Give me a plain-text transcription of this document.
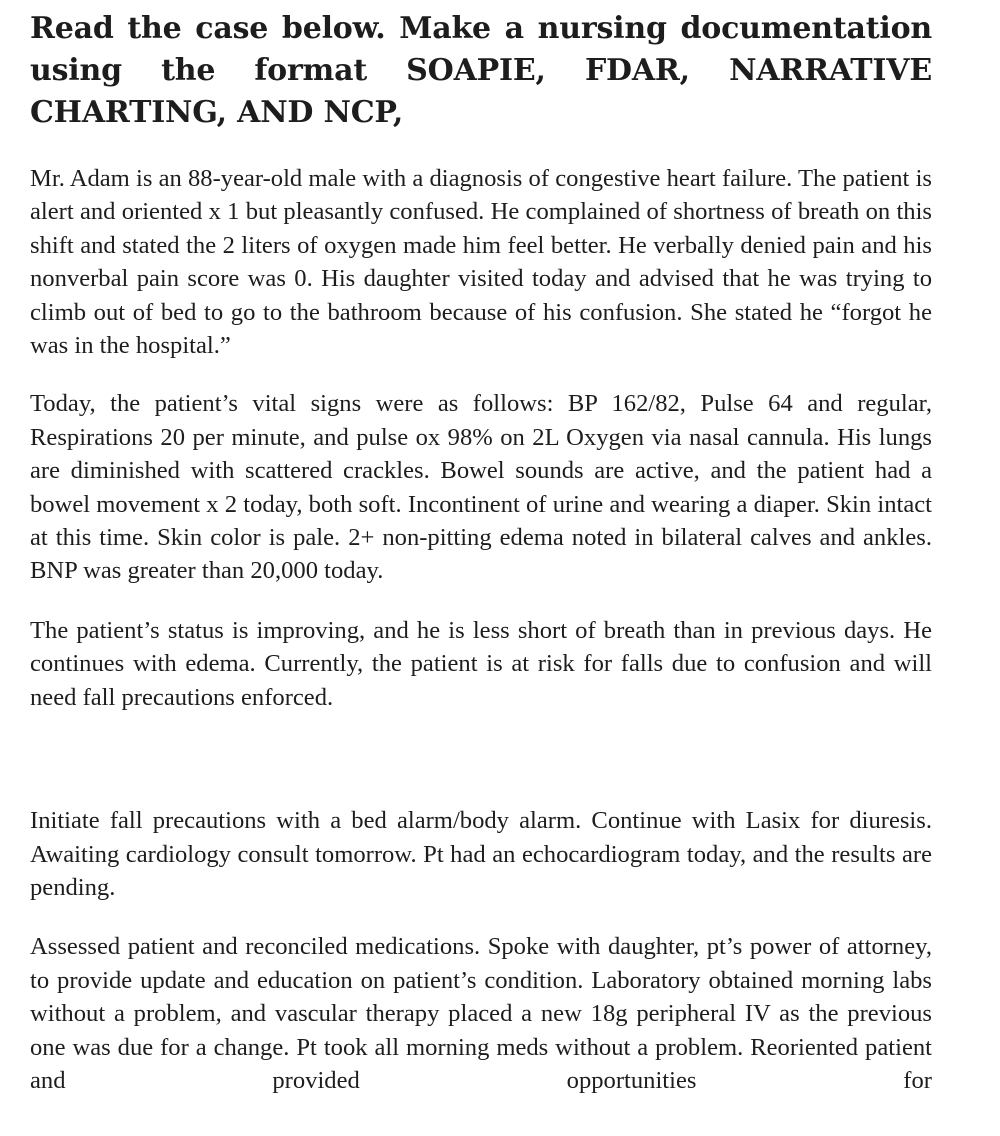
Read the case below. Make a nursing documentation using the format SOAPIE, FDAR, NARRATIVE CHARTING, AND NCP,

Mr. Adam is an 88-year-old male with a diagnosis of congestive heart failure. The patient is alert and oriented x 1 but pleasantly confused. He complained of shortness of breath on this shift and stated the 2 liters of oxygen made him feel better. He verbally denied pain and his nonverbal pain score was 0. His daughter visited today and advised that he was trying to climb out of bed to go to the bathroom because of his confusion. She stated he “forgot he was in the hospital.”

Today, the patient’s vital signs were as follows: BP 162/82, Pulse 64 and regular, Respirations 20 per minute, and pulse ox 98% on 2L Oxygen via nasal cannula. His lungs are diminished with scattered crackles. Bowel sounds are active, and the patient had a bowel movement x 2 today, both soft. Incontinent of urine and wearing a diaper. Skin intact at this time. Skin color is pale. 2+ non-pitting edema noted in bilateral calves and ankles. BNP was greater than 20,000 today.

The patient’s status is improving, and he is less short of breath than in previous days. He continues with edema. Currently, the patient is at risk for falls due to confusion and will need fall precautions enforced.

Initiate fall precautions with a bed alarm/body alarm. Continue with Lasix for diuresis. Awaiting cardiology consult tomorrow. Pt had an echocardiogram today, and the results are pending.

Assessed patient and reconciled medications. Spoke with daughter, pt’s power of attorney, to provide update and education on patient’s condition. Laboratory obtained morning labs without a problem, and vascular therapy placed a new 18g peripheral IV as the previous one was due for a change. Pt took all morning meds without a problem. Reoriented patient and provided opportunities for
